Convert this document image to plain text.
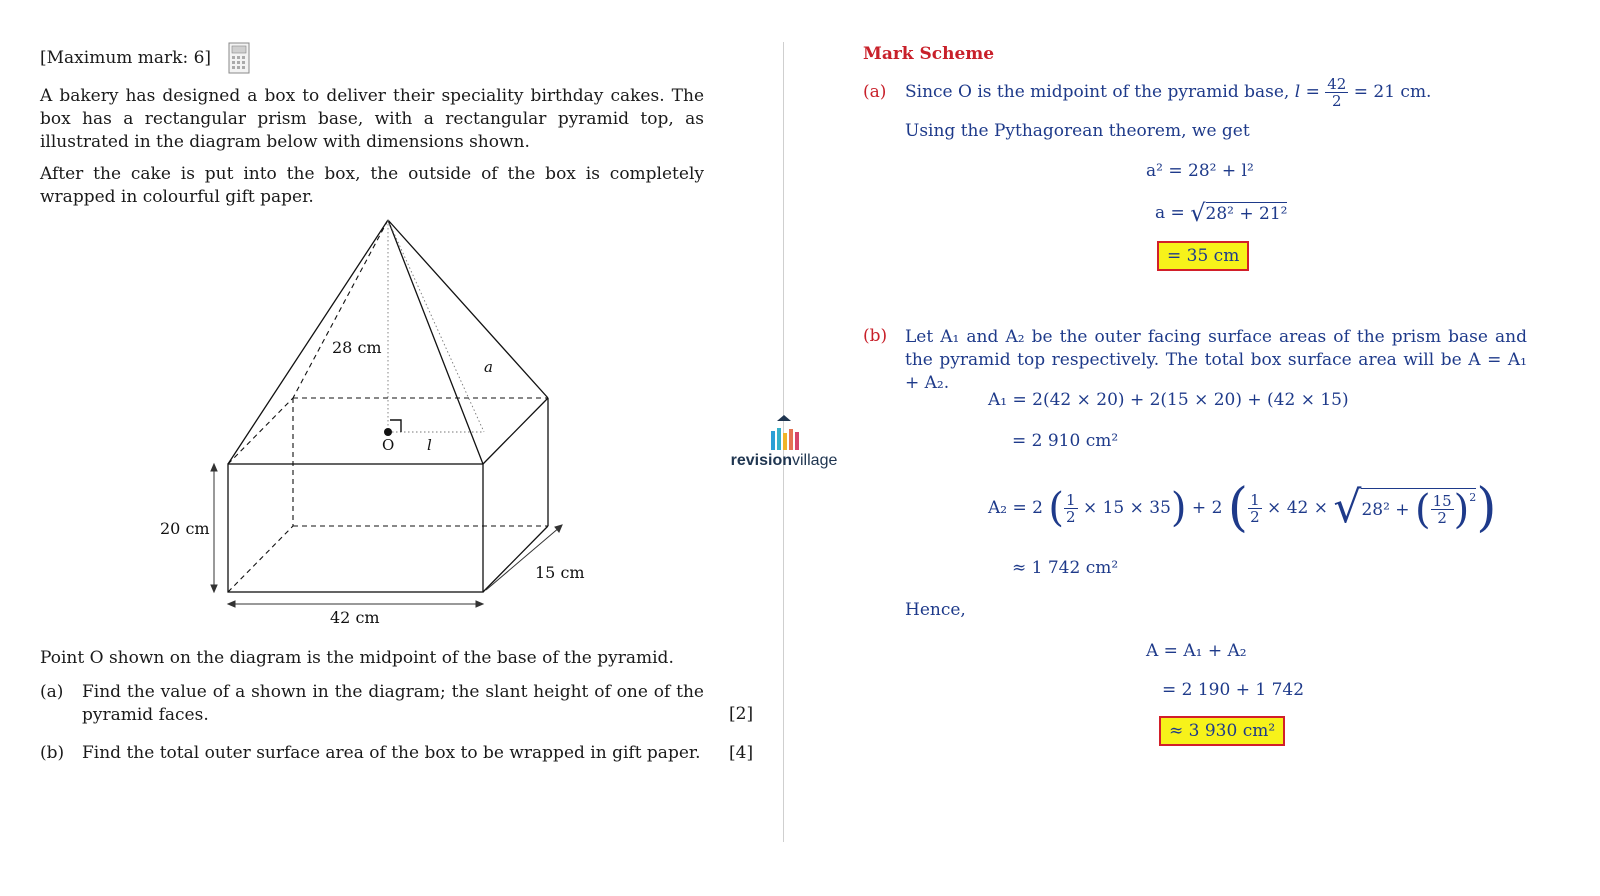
[Maximum mark: 6]
A bakery has designed a box to deliver their speciality birthday cakes. The box has a rectangular prism base, with a rectangular pyramid top, as illustrated in the diagram below with dimensions shown.
After the cake is put into the box, the outside of the box is completely wrapped in colourful gift paper.
28 cm
a
O l
20 cm
42 cm
15 cm
Point O shown on the diagram is the midpoint of the base of the pyramid.
(a) Find the value of a shown in the diagram; the slant height of one of the pyramid faces.	[2]
(b) Find the total outer surface area of the box to be wrapped in gift paper. [4]
revisionvillage
Mark Scheme
(a) Since O is the midpoint of the pyramid base,
l
=
$\frac{42}{2}$
= 21 cm.
Using the Pythagorean theorem, we get
a² = 28² + l²
a =
√ 28² + 21²
= 35 cm
(b) Let A₁ and A₂ be the outer facing surface areas of the prism base and the pyramid top respectively. The total box surface area will be A = A₁ + A₂.
A₁ = 2(42 × 20) + 2(15 × 20) + (42 × 15)
= 2 910 cm²
A₂ = 2
( $\frac{1}{2}$
× 15 × 35 )
+ 2
( $\frac{1}{2}$
× 42 ×
√ 28² +
( $\frac{15}{2} )^2$ )
≈ 1 742 cm²
Hence,
A = A₁ + A₂
= 2 190 + 1 742
≈ 3 930 cm²
